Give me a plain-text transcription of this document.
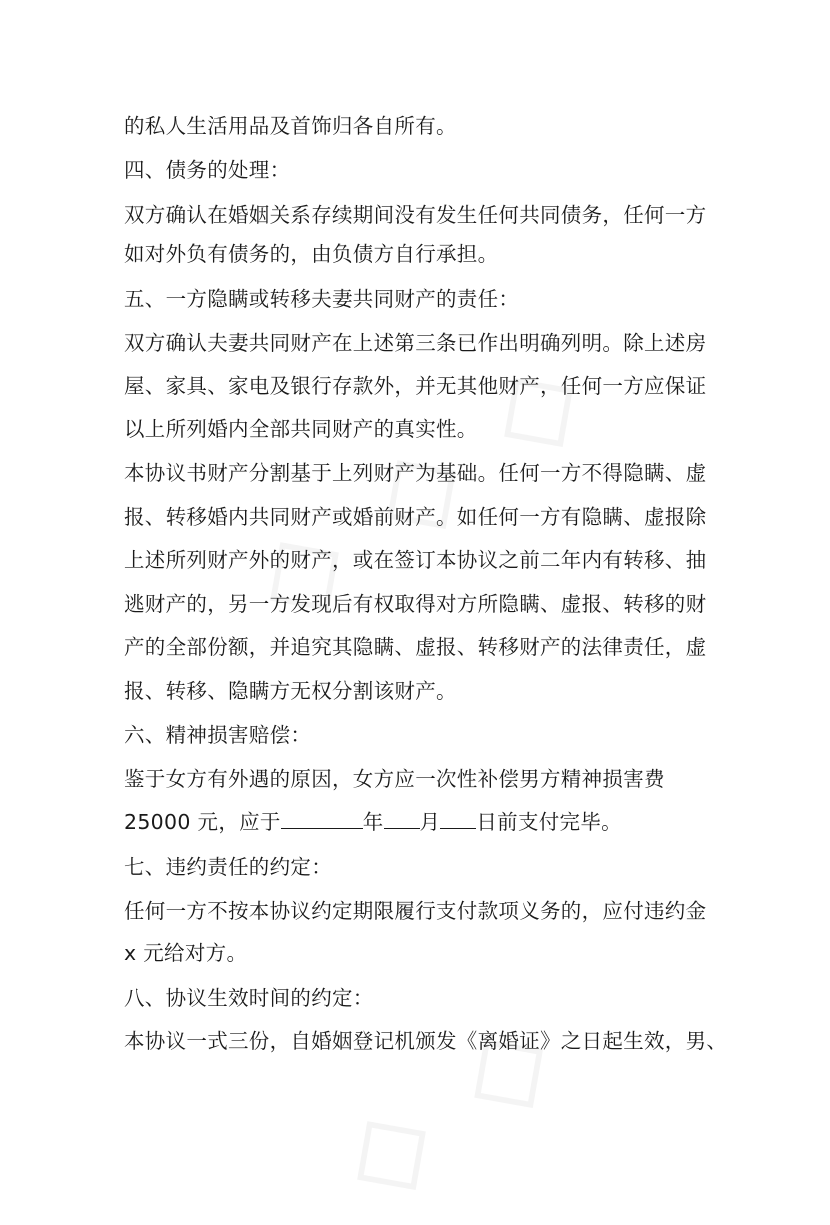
的私人生活用品及首饰归各自所有。
四、债务的处理：
双方确认在婚姻关系存续期间没有发生任何共同债务，任何一方
如对外负有债务的，由负债方自行承担。
五、一方隐瞒或转移夫妻共同财产的责任：
双方确认夫妻共同财产在上述第三条已作出明确列明。除上述房
屋、家具、家电及银行存款外，并无其他财产，任何一方应保证
以上所列婚内全部共同财产的真实性。
本协议书财产分割基于上列财产为基础。任何一方不得隐瞒、虚
报、转移婚内共同财产或婚前财产。如任何一方有隐瞒、虚报除
上述所列财产外的财产，或在签订本协议之前二年内有转移、抽
逃财产的，另一方发现后有权取得对方所隐瞒、虚报、转移的财
产的全部份额，并追究其隐瞒、虚报、转移财产的法律责任，虚
报、转移、隐瞒方无权分割该财产。
六、精神损害赔偿：
鉴于女方有外遇的原因，女方应一次性补偿男方精神损害费
25000 元，应于	年 月 日前支付完毕。
七、违约责任的约定：
任何一方不按本协议约定期限履行支付款项义务的，应付违约金
x 元给对方。
八、协议生效时间的约定：
本协议一式三份，自婚姻登记机颁发《离婚证》之日起生效，男、
